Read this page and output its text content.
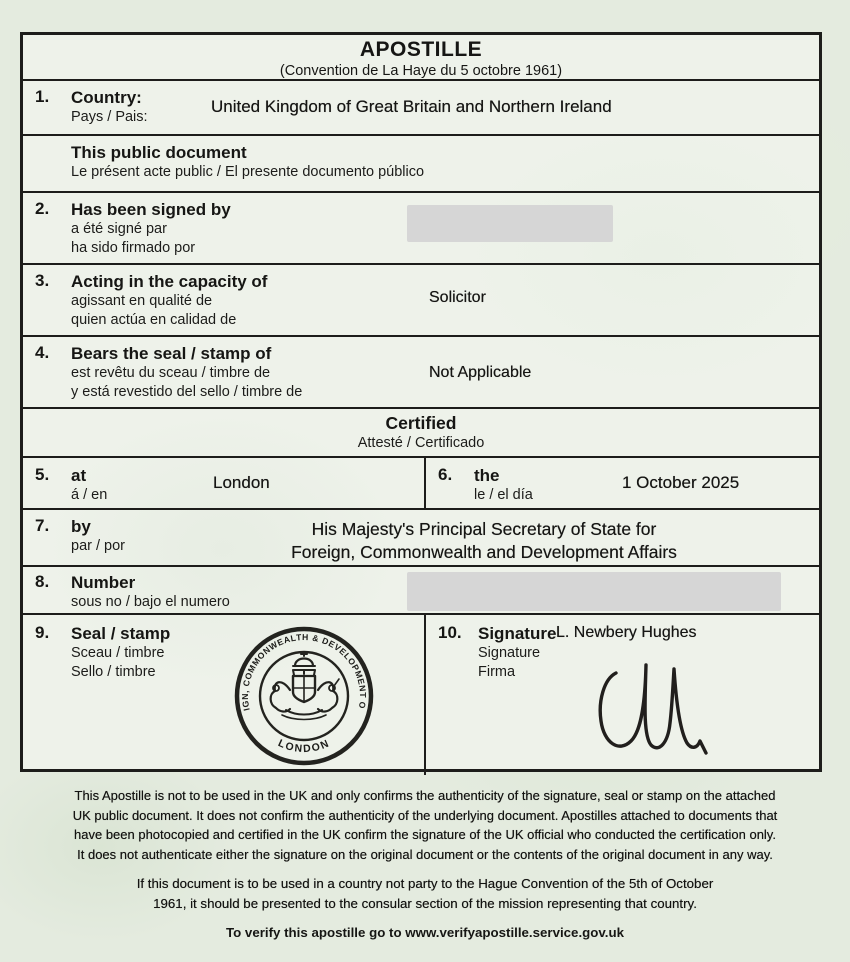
APOSTILLE
(Convention de La Haye du 5 octobre 1961)
1. Country:
Pays / Pais:
United Kingdom of Great Britain and Northern Ireland
This public document
Le présent acte public / El presente documento público
2. Has been signed by
a été signé par
ha sido firmado por
3. Acting in the capacity of
agissant en qualité de
quien actúa en calidad de
Solicitor
4. Bears the seal / stamp of
est revêtu du sceau / timbre de
y está revestido del sello / timbre de
Not Applicable
Certified
Attesté / Certificado
5. at
á / en
London	6. the
le / el día
1 October 2025
7. by
par / por
His Majesty's Principal Secretary of State for
Foreign, Commonwealth and Development Affairs
8. Number
sous no / bajo el numero
9. Seal / stamp
Sceau / timbre
Sello / timbre
FOREIGN, COMMONWEALTH & DEVELOPMENT OFFICE
LONDON
10. Signature
Signature
Firma
L. Newbery Hughes
This Apostille is not to be used in the UK and only confirms the authenticity of the signature, seal or stamp on the attached
UK public document. It does not confirm the authenticity of the underlying document. Apostilles attached to documents that
have been photocopied and certified in the UK confirm the signature of the UK official who conducted the certification only.
It does not authenticate either the signature on the original document or the contents of the original document in any way.
If this document is to be used in a country not party to the Hague Convention of the 5th of October
1961, it should be presented to the consular section of the mission representing that country.
To verify this apostille go to www.verifyapostille.service.gov.uk
